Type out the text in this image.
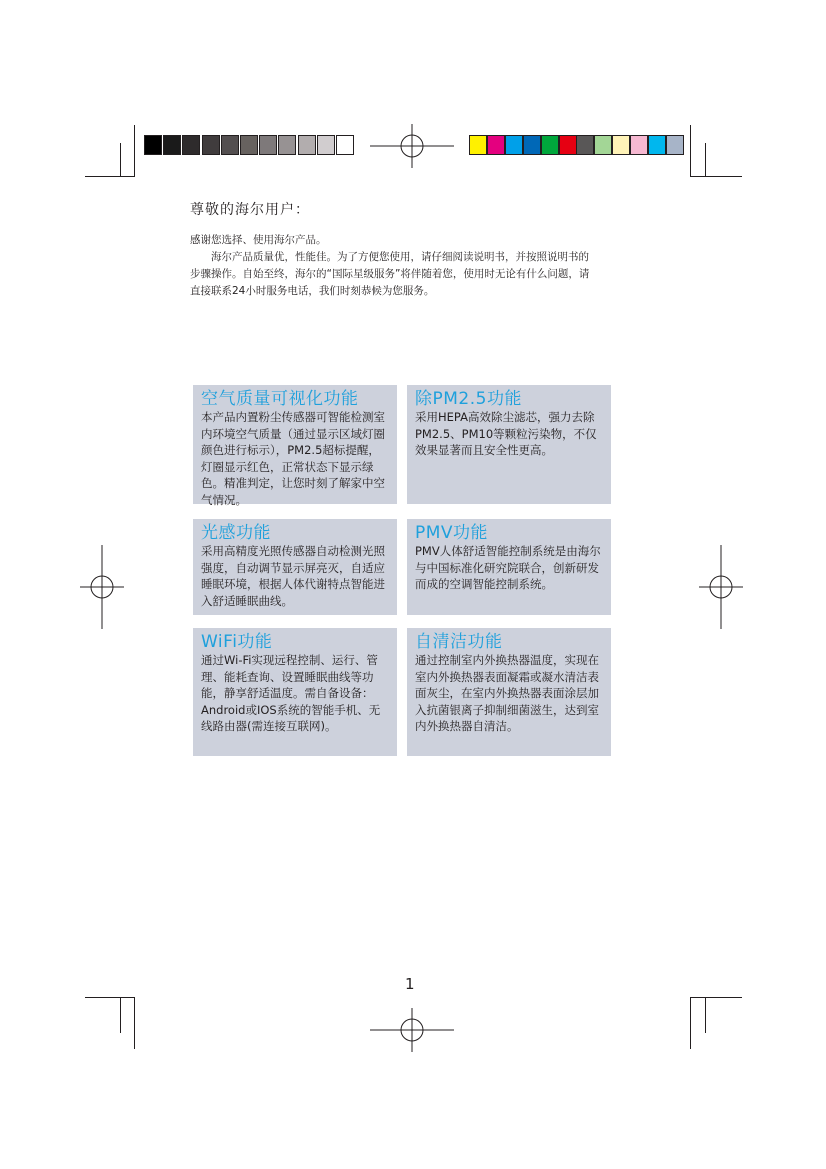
尊敬的海尔用户：

感谢您选择、使用海尔产品。

海尔产品质量优，性能佳。为了方便您使用，请仔细阅读说明书，并按照说明书的步骤操作。自始至终，海尔的“国际星级服务”将伴随着您，使用时无论有什么问题，请直接联系24小时服务电话，我们时刻恭候为您服务。

空气质量可视化功能
本产品内置粉尘传感器可智能检测室内环境空气质量（通过显示区域灯圈颜色进行标示），PM2.5超标提醒，灯圈显示红色，正常状态下显示绿色。精准判定，让您时刻了解家中空气情况。
除PM2.5功能
采用HEPA高效除尘滤芯，强力去除PM2.5、PM10等颗粒污染物，不仅效果显著而且安全性更高。
光感功能
采用高精度光照传感器自动检测光照强度，自动调节显示屏亮灭，自适应睡眠环境，根据人体代谢特点智能进入舒适睡眠曲线。
PMV功能
PMV人体舒适智能控制系统是由海尔与中国标准化研究院联合，创新研发而成的空调智能控制系统。
WiFi功能
通过Wi-Fi实现远程控制、运行、管理、能耗查询、设置睡眠曲线等功能，静享舒适温度。需自备设备：Android或IOS系统的智能手机、无线路由器(需连接互联网)。
自清洁功能
通过控制室内外换热器温度，实现在室内外换热器表面凝霜或凝水清洁表面灰尘，在室内外换热器表面涂层加入抗菌银离子抑制细菌滋生，达到室内外换热器自清洁。
1
